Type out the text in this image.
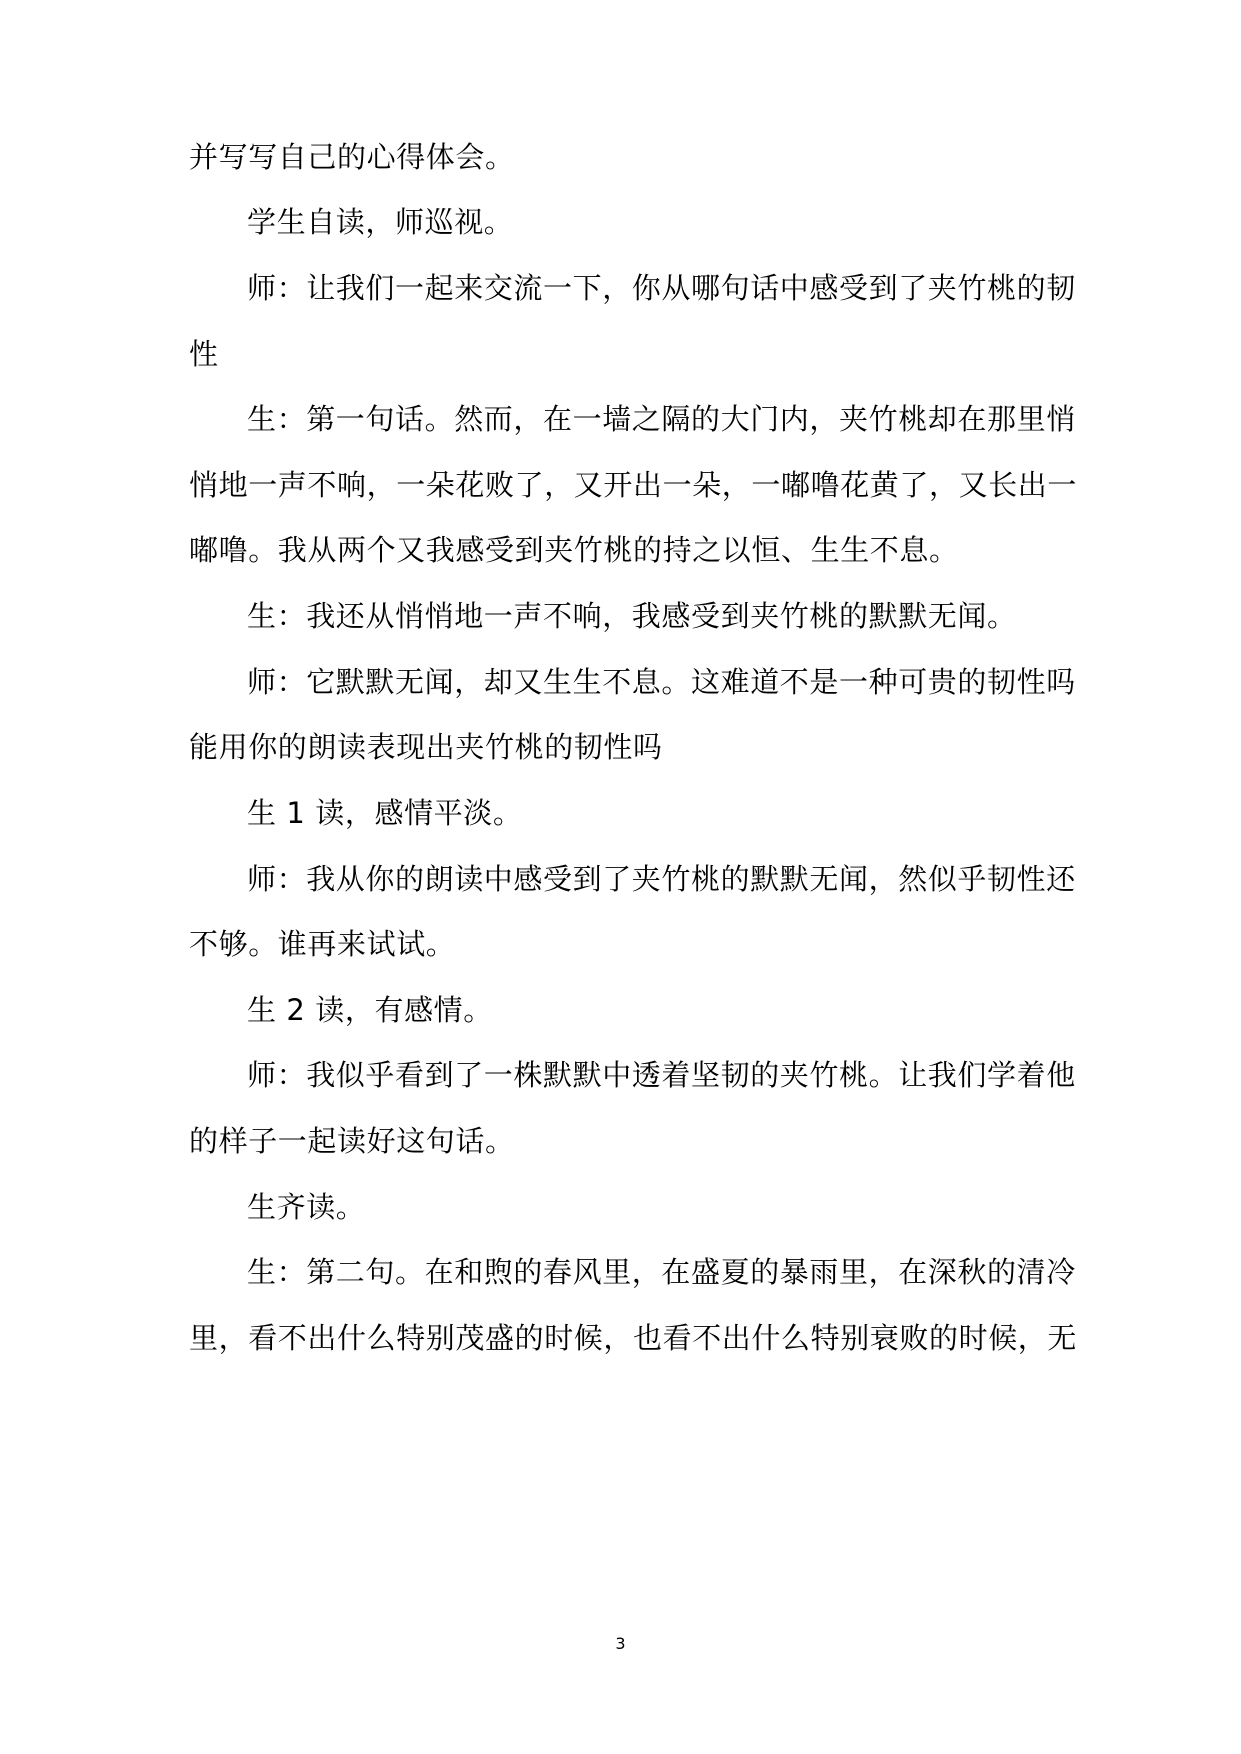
并写写自己的心得体会。
学生自读，师巡视。
师：让我们一起来交流一下，你从哪句话中感受到了夹竹桃的韧
性
生：第一句话。然而，在一墙之隔的大门内，夹竹桃却在那里悄
悄地一声不响，一朵花败了，又开出一朵，一嘟噜花黄了，又长出一
嘟噜。我从两个又我感受到夹竹桃的持之以恒、生生不息。
生：我还从悄悄地一声不响，我感受到夹竹桃的默默无闻。
师：它默默无闻，却又生生不息。这难道不是一种可贵的韧性吗
能用你的朗读表现出夹竹桃的韧性吗
生 1 读，感情平淡。
师：我从你的朗读中感受到了夹竹桃的默默无闻，然似乎韧性还
不够。谁再来试试。
生 2 读，有感情。
师：我似乎看到了一株默默中透着坚韧的夹竹桃。让我们学着他
的样子一起读好这句话。
生齐读。
生：第二句。在和煦的春风里，在盛夏的暴雨里，在深秋的清冷
里，看不出什么特别茂盛的时候，也看不出什么特别衰败的时候，无
3
